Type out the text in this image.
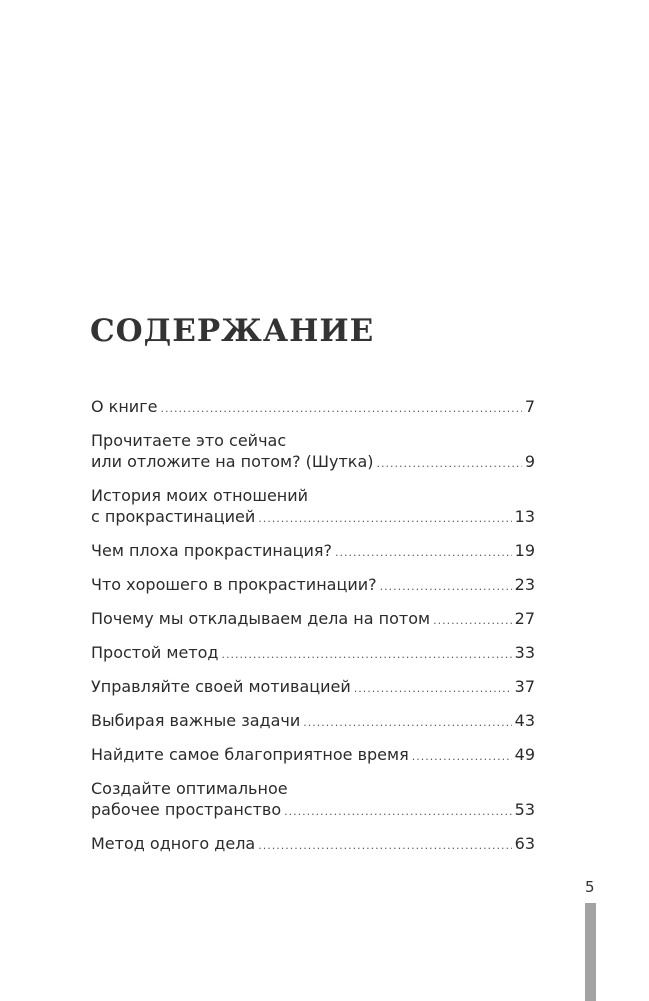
СОДЕРЖАНИЕ
О книге .....	7
Прочитаете это сейчас
или отложите на потом? (Шутка) .....	9
История моих отношений
с прокрастинацией .....	13
Чем плоха прокрастинация? .....	19
Что хорошего в прокрастинации? .....	23
Почему мы откладываем дела на потом .....	27
Простой метод .....	33
Управляйте своей мотивацией .....	37
Выбирая важные задачи .....	43
Найдите самое благоприятное время .....	49
Создайте оптимальное
рабочее пространство .....	53
Метод одного дела .....	63
5
